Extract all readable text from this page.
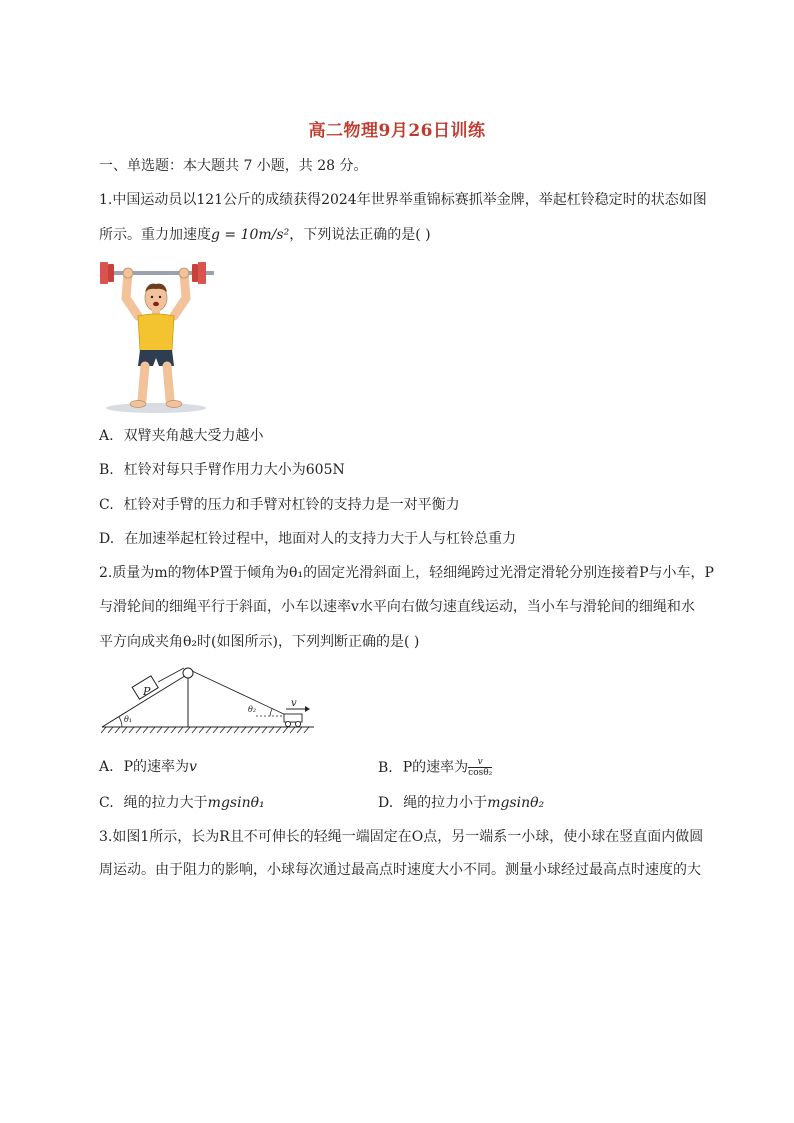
高二物理9月26日训练
一、单选题：本大题共 7 小题，共 28 分。
1.中国运动员以121公斤的成绩获得2024年世界举重锦标赛抓举金牌，举起杠铃稳定时的状态如图
所示。重力加速度g = 10m/s²，下列说法正确的是( )
A. 双臂夹角越大受力越小
B. 杠铃对每只手臂作用力大小为605N
C. 杠铃对手臂的压力和手臂对杠铃的支持力是一对平衡力
D. 在加速举起杠铃过程中，地面对人的支持力大于人与杠铃总重力
2.质量为m的物体P置于倾角为θ₁的固定光滑斜面上，轻细绳跨过光滑定滑轮分别连接着P与小车，P
与滑轮间的细绳平行于斜面，小车以速率v水平向右做匀速直线运动，当小车与滑轮间的细绳和水
平方向成夹角θ₂时(如图所示)，下列判断正确的是( )
P
θ₁
θ₂
v
A. P的速率为v	B. P的速率为 $\frac{v}{\text{cosθ₂}}$
C. 绳的拉力大于mgsinθ₁	D. 绳的拉力小于mgsinθ₂
3.如图1所示，长为R且不可伸长的轻绳一端固定在O点，另一端系一小球，使小球在竖直面内做圆
周运动。由于阻力的影响，小球每次通过最高点时速度大小不同。测量小球经过最高点时速度的大
